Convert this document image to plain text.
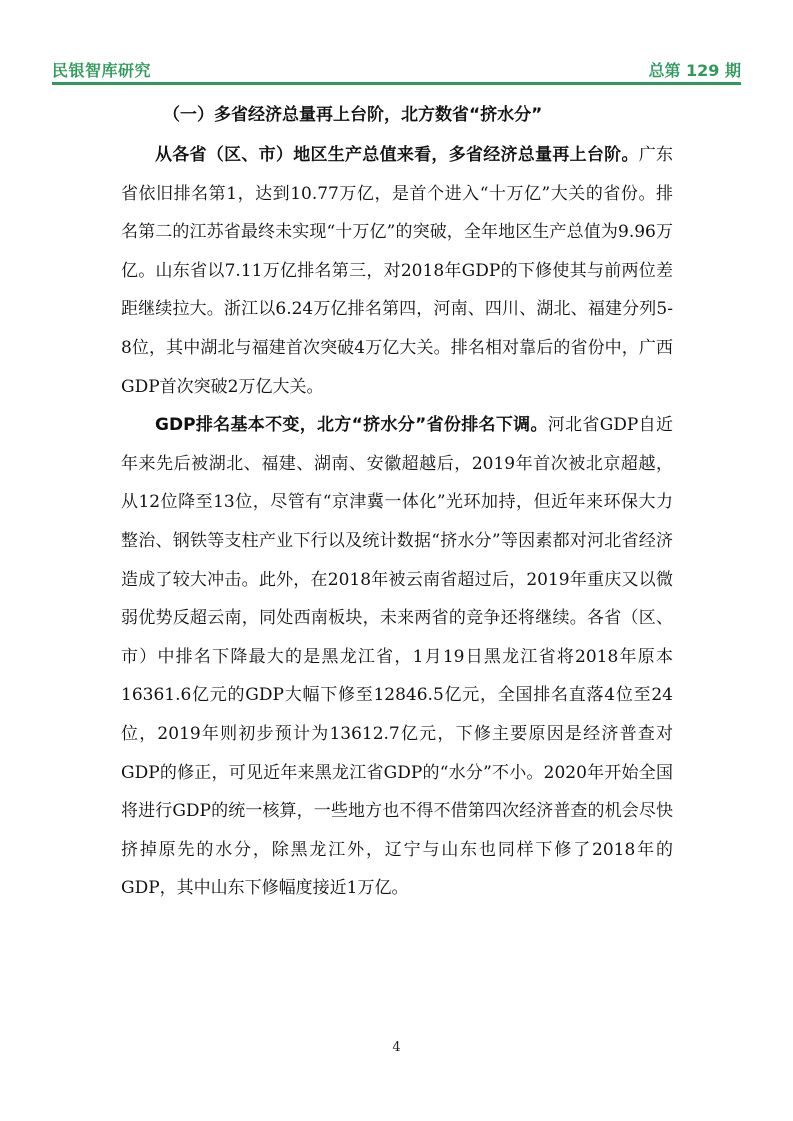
民银智库研究	总第 129 期
（一）多省经济总量再上台阶，北方数省“挤水分”

从各省（区、市）地区生产总值来看，多省经济总量再上台阶。广东省依旧排名第1，达到10.77万亿，是首个进入“十万亿”大关的省份。排名第二的江苏省最终未实现“十万亿”的突破，全年地区生产总值为9.96万亿。山东省以7.11万亿排名第三，对2018年GDP的下修使其与前两位差距继续拉大。浙江以6.24万亿排名第四，河南、四川、湖北、福建分列5-8位，其中湖北与福建首次突破4万亿大关。排名相对靠后的省份中，广西GDP首次突破2万亿大关。

GDP排名基本不变，北方“挤水分”省份排名下调。河北省GDP自近年来先后被湖北、福建、湖南、安徽超越后，2019年首次被北京超越，从12位降至13位，尽管有“京津冀一体化”光环加持，但近年来环保大力整治、钢铁等支柱产业下行以及统计数据“挤水分”等因素都对河北省经济造成了较大冲击。此外，在2018年被云南省超过后，2019年重庆又以微弱优势反超云南，同处西南板块，未来两省的竞争还将继续。各省（区、市）中排名下降最大的是黑龙江省，1月19日黑龙江省将2018年原本16361.6亿元的GDP大幅下修至12846.5亿元，全国排名直落4位至24位，2019年则初步预计为13612.7亿元，下修主要原因是经济普查对GDP的修正，可见近年来黑龙江省GDP的“水分”不小。2020年开始全国将进行GDP的统一核算，一些地方也不得不借第四次经济普查的机会尽快挤掉原先的水分，除黑龙江外，辽宁与山东也同样下修了2018年的GDP，其中山东下修幅度接近1万亿。

4
